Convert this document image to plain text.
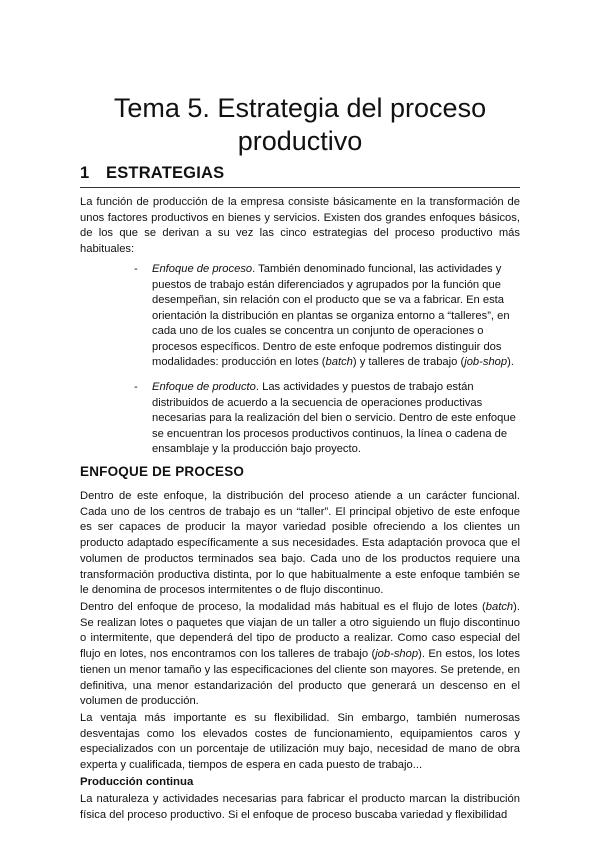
Tema 5. Estrategia del proceso
productivo
1 ESTRATEGIAS

La función de producción de la empresa consiste básicamente en la transformación de unos factores productivos en bienes y servicios. Existen dos grandes enfoques básicos, de los que se derivan a su vez las cinco estrategias del proceso productivo más habituales:

- Enfoque de proceso. También denominado funcional, las actividades y puestos de trabajo están diferenciados y agrupados por la función que desempeñan, sin relación con el producto que se va a fabricar. En esta orientación la distribución en plantas se organiza entorno a “talleres”, en cada uno de los cuales se concentra un conjunto de operaciones o procesos específicos. Dentro de este enfoque podremos distinguir dos modalidades: producción en lotes (batch) y talleres de trabajo (job-shop).
- Enfoque de producto. Las actividades y puestos de trabajo están distribuidos de acuerdo a la secuencia de operaciones productivas necesarias para la realización del bien o servicio. Dentro de este enfoque se encuentran los procesos productivos continuos, la línea o cadena de ensamblaje y la producción bajo proyecto.
ENFOQUE DE PROCESO

Dentro de este enfoque, la distribución del proceso atiende a un carácter funcional. Cada uno de los centros de trabajo es un “taller”. El principal objetivo de este enfoque es ser capaces de producir la mayor variedad posible ofreciendo a los clientes un producto adaptado específicamente a sus necesidades. Esta adaptación provoca que el volumen de productos terminados sea bajo. Cada uno de los productos requiere una transformación productiva distinta, por lo que habitualmente a este enfoque también se le denomina de procesos intermitentes o de flujo discontinuo.

Dentro del enfoque de proceso, la modalidad más habitual es el flujo de lotes (batch). Se realizan lotes o paquetes que viajan de un taller a otro siguiendo un flujo discontinuo o intermitente, que dependerá del tipo de producto a realizar. Como caso especial del flujo en lotes, nos encontramos con los talleres de trabajo (job-shop). En estos, los lotes tienen un menor tamaño y las especificaciones del cliente son mayores. Se pretende, en definitiva, una menor estandarización del producto que generará un descenso en el volumen de producción.

La ventaja más importante es su flexibilidad. Sin embargo, también numerosas desventajas como los elevados costes de funcionamiento, equipamientos caros y especializados con un porcentaje de utilización muy bajo, necesidad de mano de obra experta y cualificada, tiempos de espera en cada puesto de trabajo...

Producción continua

La naturaleza y actividades necesarias para fabricar el producto marcan la distribución física del proceso productivo. Si el enfoque de proceso buscaba variedad y flexibilidad
